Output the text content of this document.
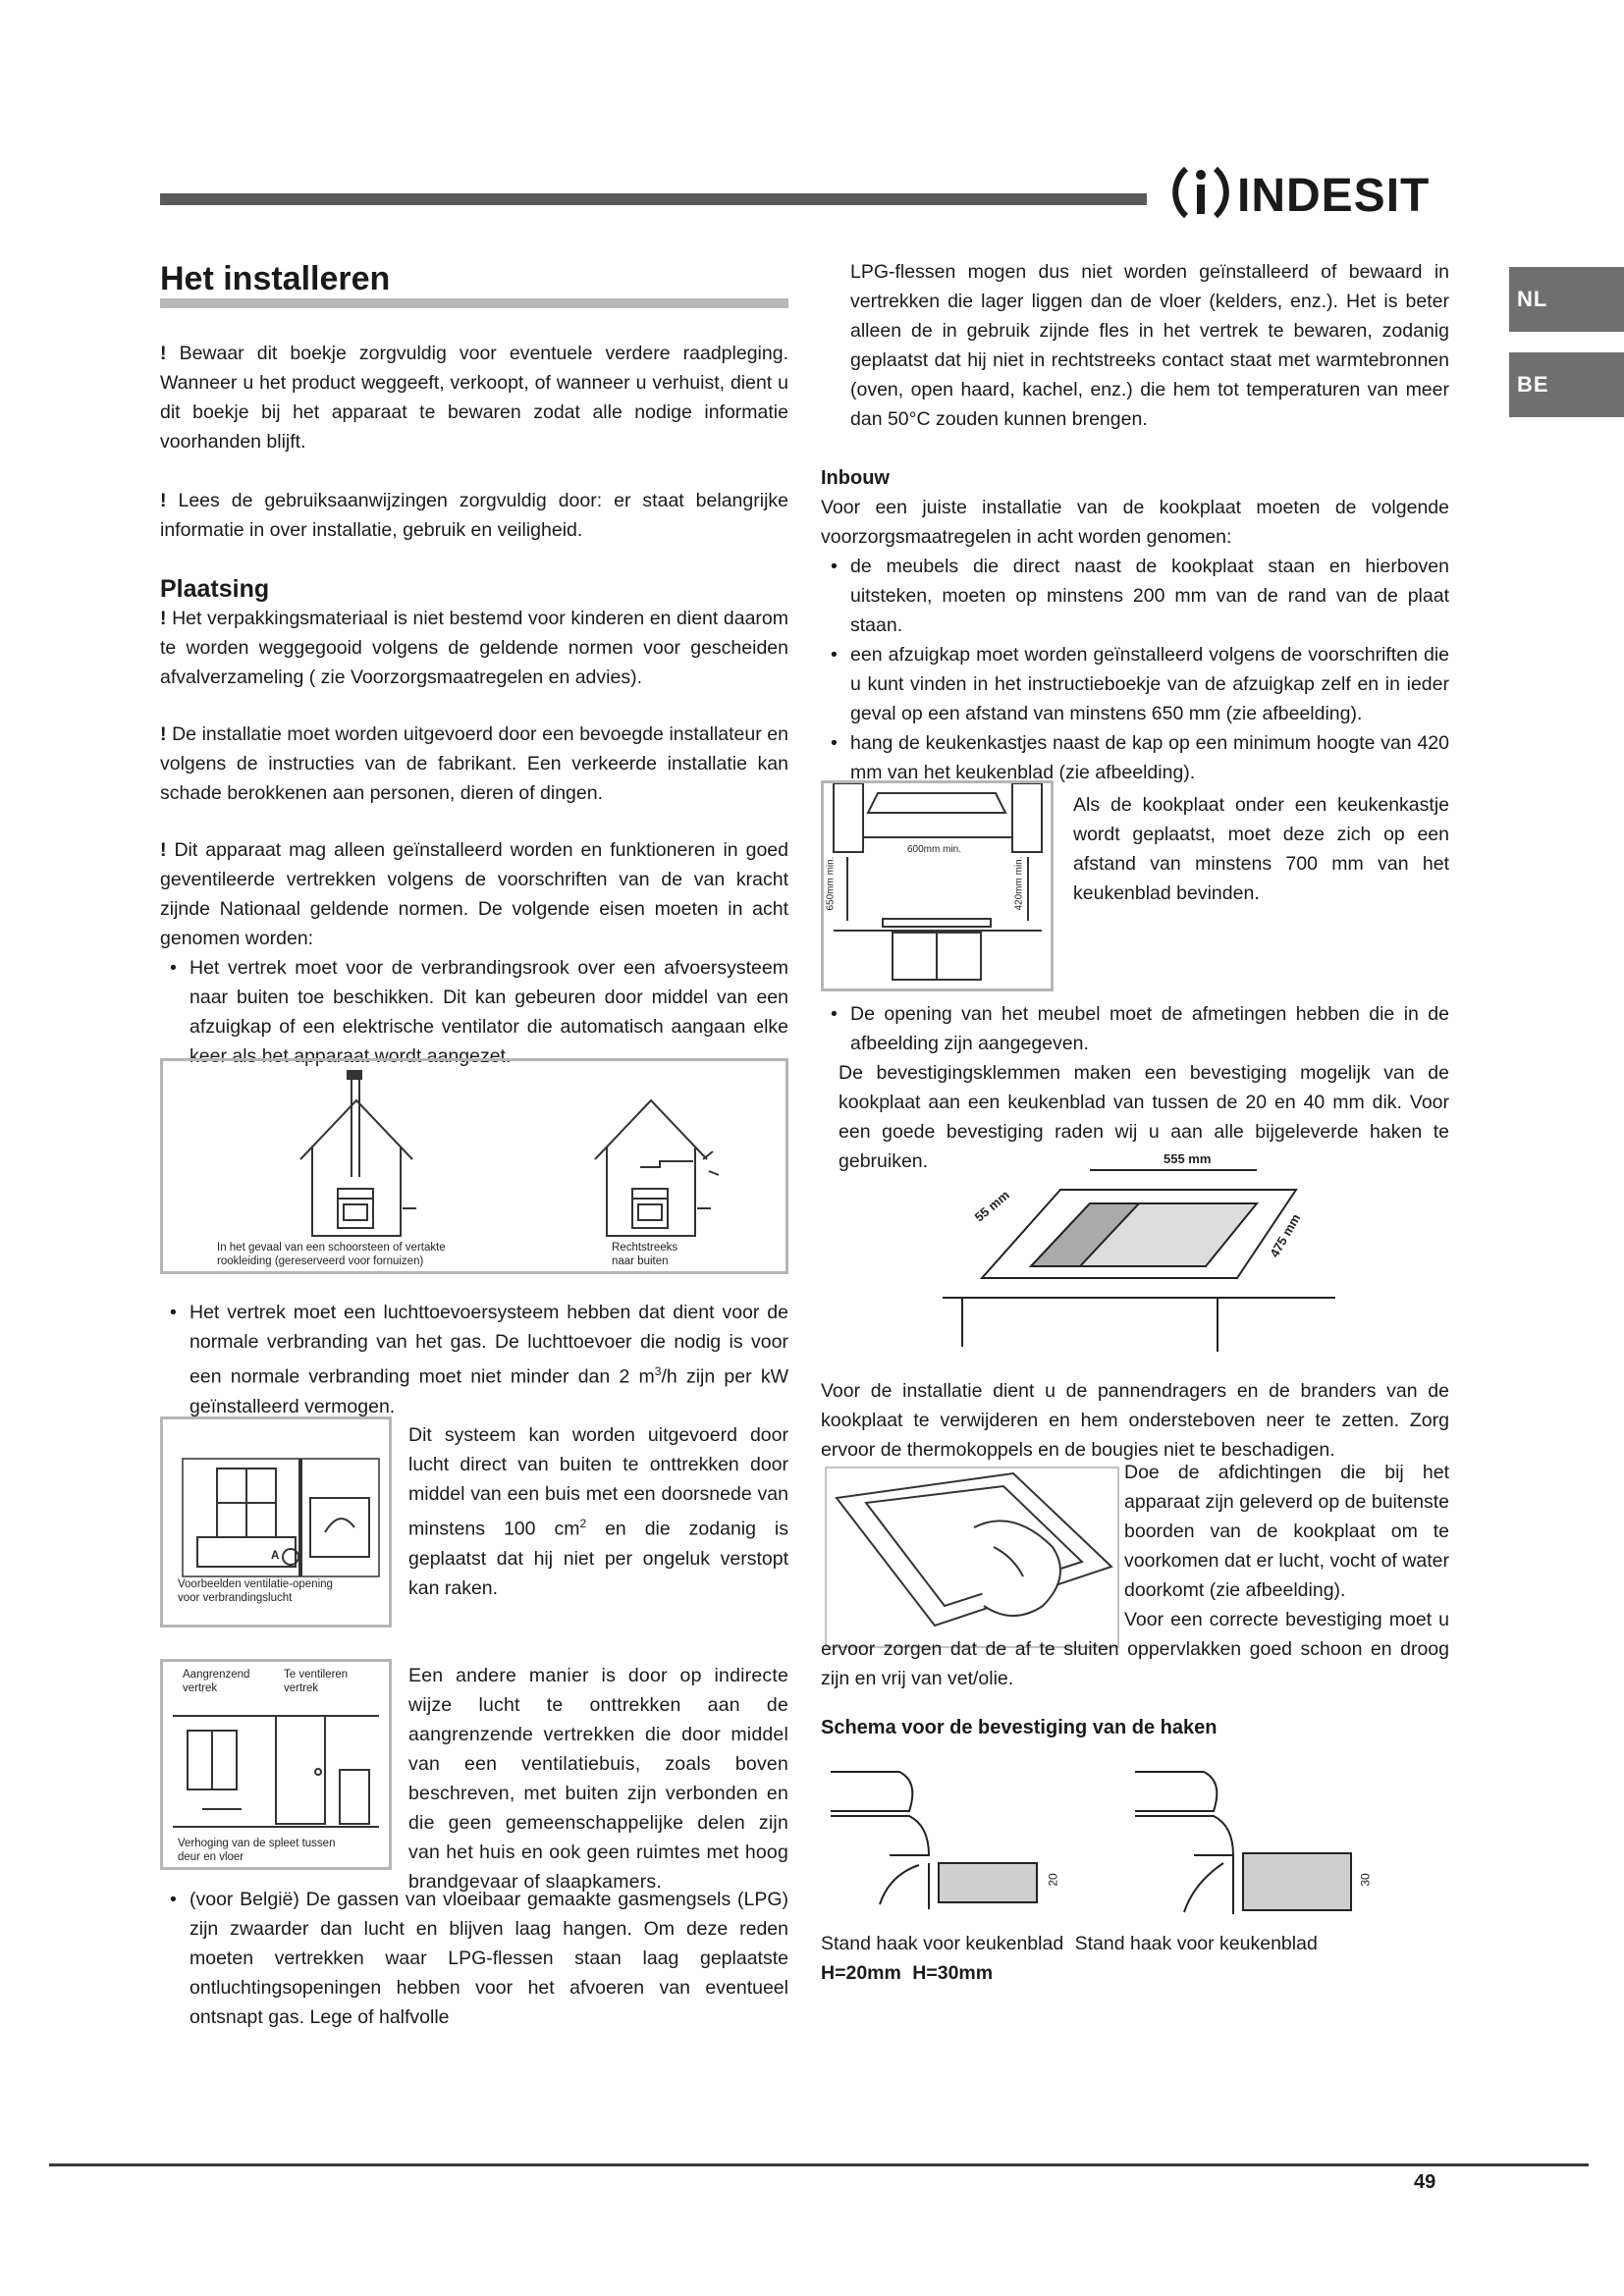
INDESIT
NL
BE
Het installeren

! Bewaar dit boekje zorgvuldig voor eventuele verdere raadpleging. Wanneer u het product weggeeft, verkoopt, of wanneer u verhuist, dient u dit boekje bij het apparaat te bewaren zodat alle nodige informatie voorhanden blijft.

! Lees de gebruiksaanwijzingen zorgvuldig door: er staat belangrijke informatie in over installatie, gebruik en veiligheid.

Plaatsing

! Het verpakkingsmateriaal is niet bestemd voor kinderen en dient daarom te worden weggegooid volgens de geldende normen voor gescheiden afvalverzameling ( zie Voorzorgsmaatregelen en advies).

! De installatie moet worden uitgevoerd door een bevoegde installateur en volgens de instructies van de fabrikant. Een verkeerde installatie kan schade berokkenen aan personen, dieren of dingen.

! Dit apparaat mag alleen geïnstalleerd worden en funktioneren in goed geventileerde vertrekken volgens de voorschriften van de van kracht zijnde Nationaal geldende normen. De volgende eisen moeten in acht genomen worden:

• Het vertrek moet voor de verbrandingsrook over een afvoersysteem naar buiten toe beschikken. Dit kan gebeuren door middel van een afzuigkap of een elektrische ventilator die automatisch aangaan elke keer als het apparaat wordt aangezet.
In het gevaal van een schoorsteen of vertakte rookleiding (gereserveerd voor fornuizen)
Rechtstreeks naar buiten
• Het vertrek moet een luchttoevoersysteem hebben dat dient voor de normale verbranding van het gas. De luchttoevoer die nodig is voor een normale verbranding moet niet minder dan 2 $m^3/h$ zijn per kW geïnstalleerd vermogen.
A
Voorbeelden ventilatie-opening voor verbrandingslucht

Dit systeem kan worden uitgevoerd door lucht direct van buiten te onttrekken door middel van een buis met een doorsnede van minstens 100 $cm^2$ en die zodanig is geplaatst dat hij niet per ongeluk verstopt kan raken.

Aangrenzend vertrek
Te ventileren vertrek
Verhoging van de spleet tussen deur en vloer

Een andere manier is door op indirecte wijze lucht te onttrekken aan de aangrenzende vertrekken die door middel van een ventilatiebuis, zoals boven beschreven, met buiten zijn verbonden en die geen gemeenschappelijke delen zijn van het huis en ook geen ruimtes met hoog brandgevaar of slaapkamers.

• (voor België) De gassen van vloeibaar gemaakte gasmengsels (LPG) zijn zwaarder dan lucht en blijven laag hangen. Om deze reden moeten vertrekken waar LPG-flessen staan laag geplaatste ontluchtingsopeningen hebben voor het afvoeren van eventueel ontsnapt gas. Lege of halfvolle

LPG-flessen mogen dus niet worden geïnstalleerd of bewaard in vertrekken die lager liggen dan de vloer (kelders, enz.). Het is beter alleen de in gebruik zijnde fles in het vertrek te bewaren, zodanig geplaatst dat hij niet in rechtstreeks contact staat met warmtebronnen (oven, open haard, kachel, enz.) die hem tot temperaturen van meer dan 50°C zouden kunnen brengen.

Inbouw

Voor een juiste installatie van de kookplaat moeten de volgende voorzorgsmaatregelen in acht worden genomen:

• de meubels die direct naast de kookplaat staan en hierboven uitsteken, moeten op minstens 200 mm van de rand van de plaat staan.
• een afzuigkap moet worden geïnstalleerd volgens de voorschriften die u kunt vinden in het instructieboekje van de afzuigkap zelf en in ieder geval op een afstand van minstens 650 mm (zie afbeelding).
• hang de keukenkastjes naast de kap op een minimum hoogte van 420 mm van het keukenblad (zie afbeelding).
600mm min.
650mm min.	420mm min.

Als de kookplaat onder een keukenkastje wordt geplaatst, moet deze zich op een afstand van minstens 700 mm van het keukenblad bevinden.

• De opening van het meubel moet de afmetingen hebben die in de afbeelding zijn aangegeven.

De bevestigingsklemmen maken een bevestiging mogelijk van de kookplaat aan een keukenblad van tussen de 20 en 40 mm dik. Voor een goede bevestiging raden wij u aan alle bijgeleverde haken te gebruiken.	555 mm
55 mm
475 mm

Voor de installatie dient u de pannendragers en de branders van de kookplaat te verwijderen en hem ondersteboven neer te zetten. Zorg ervoor de thermokoppels en de bougies niet te beschadigen.

Doe de afdichtingen die bij het apparaat zijn geleverd op de buitenste boorden van de kookplaat om te voorkomen dat er lucht, vocht of water doorkomt (zie afbeelding).

Voor een correcte bevestiging moet u ervoor zorgen dat de af te sluiten oppervlakken goed schoon en droog zijn en vrij van vet/olie.

Schema voor de bevestiging van de haken
20	30
Stand haak voor keukenblad Stand haak voor keukenblad
H=20mm H=30mm
49
